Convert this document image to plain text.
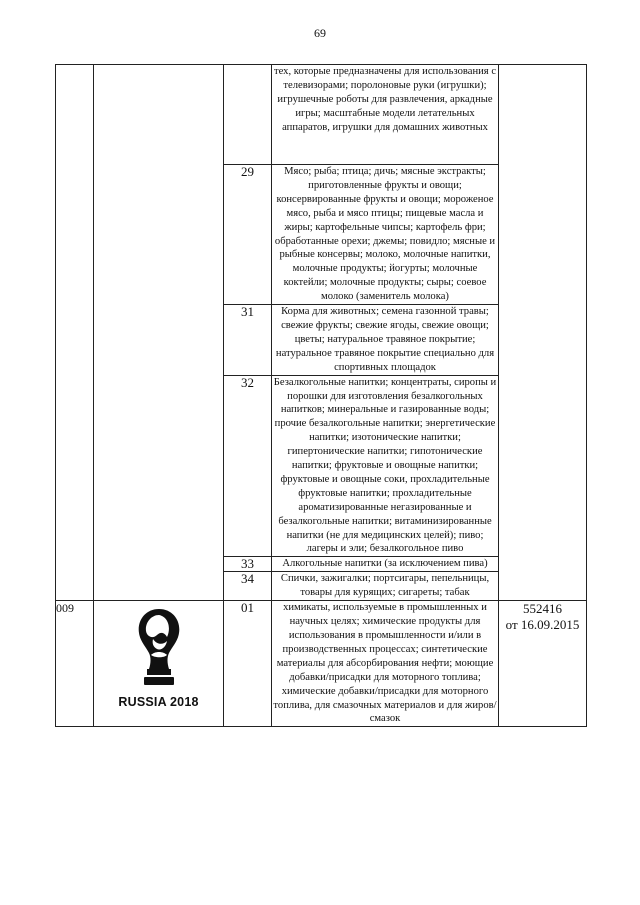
69
			тех, которые предназначены для использования с телевизорами; поролоновые руки (игрушки); игрушечные роботы для развлечения, аркадные игры; масштабные модели летательных аппаратов, игрушки для домашних животных	
		29	Мясо; рыба; птица; дичь; мясные экстракты; приготовленные фрукты и овощи; консервированные фрукты и овощи; мороженое мясо, рыба и мясо птицы; пищевые масла и жиры; картофельные чипсы; картофель фри; обработанные орехи; джемы; повидло; мясные и рыбные консервы; молоко, молочные напитки, молочные продукты; йогурты; молочные коктейли; молочные продукты; сыры; соевое молоко (заменитель молока)	
		31	Корма для животных; семена газонной травы; свежие фрукты; свежие ягоды, свежие овощи; цветы; натуральное травяное покрытие; натуральное травяное покрытие специально для спортивных площадок	
		32	Безалкогольные напитки; концентраты, сиропы и порошки для изготовления безалкогольных напитков; минеральные и газированные воды; прочие безалкогольные напитки; энергетические напитки; изотонические напитки; гипертонические напитки; гипотонические напитки; фруктовые и овощные напитки; фруктовые и овощные соки, прохладительные фруктовые напитки; прохладительные ароматизированные негазированные и безалкогольные напитки; витаминизированные напитки (не для медицинских целей); пиво; лагеры и эли; безалкогольное пиво	
		33	Алкогольные напитки (за исключением пива)	
		34	Спички, зажигалки; портсигары, пепельницы, товары для курящих; сигареты; табак	
009	RUSSIA 2018	01	химикаты, используемые в промышленных и научных целях; химические продукты для использования в промышленности и/или в производственных процессах; синтетические материалы для абсорбирования нефти; моющие добавки/присадки для моторного топлива; химические добавки/присадки для моторного топлива, для смазочных материалов и для жиров/смазок	552416
от 16.09.2015
